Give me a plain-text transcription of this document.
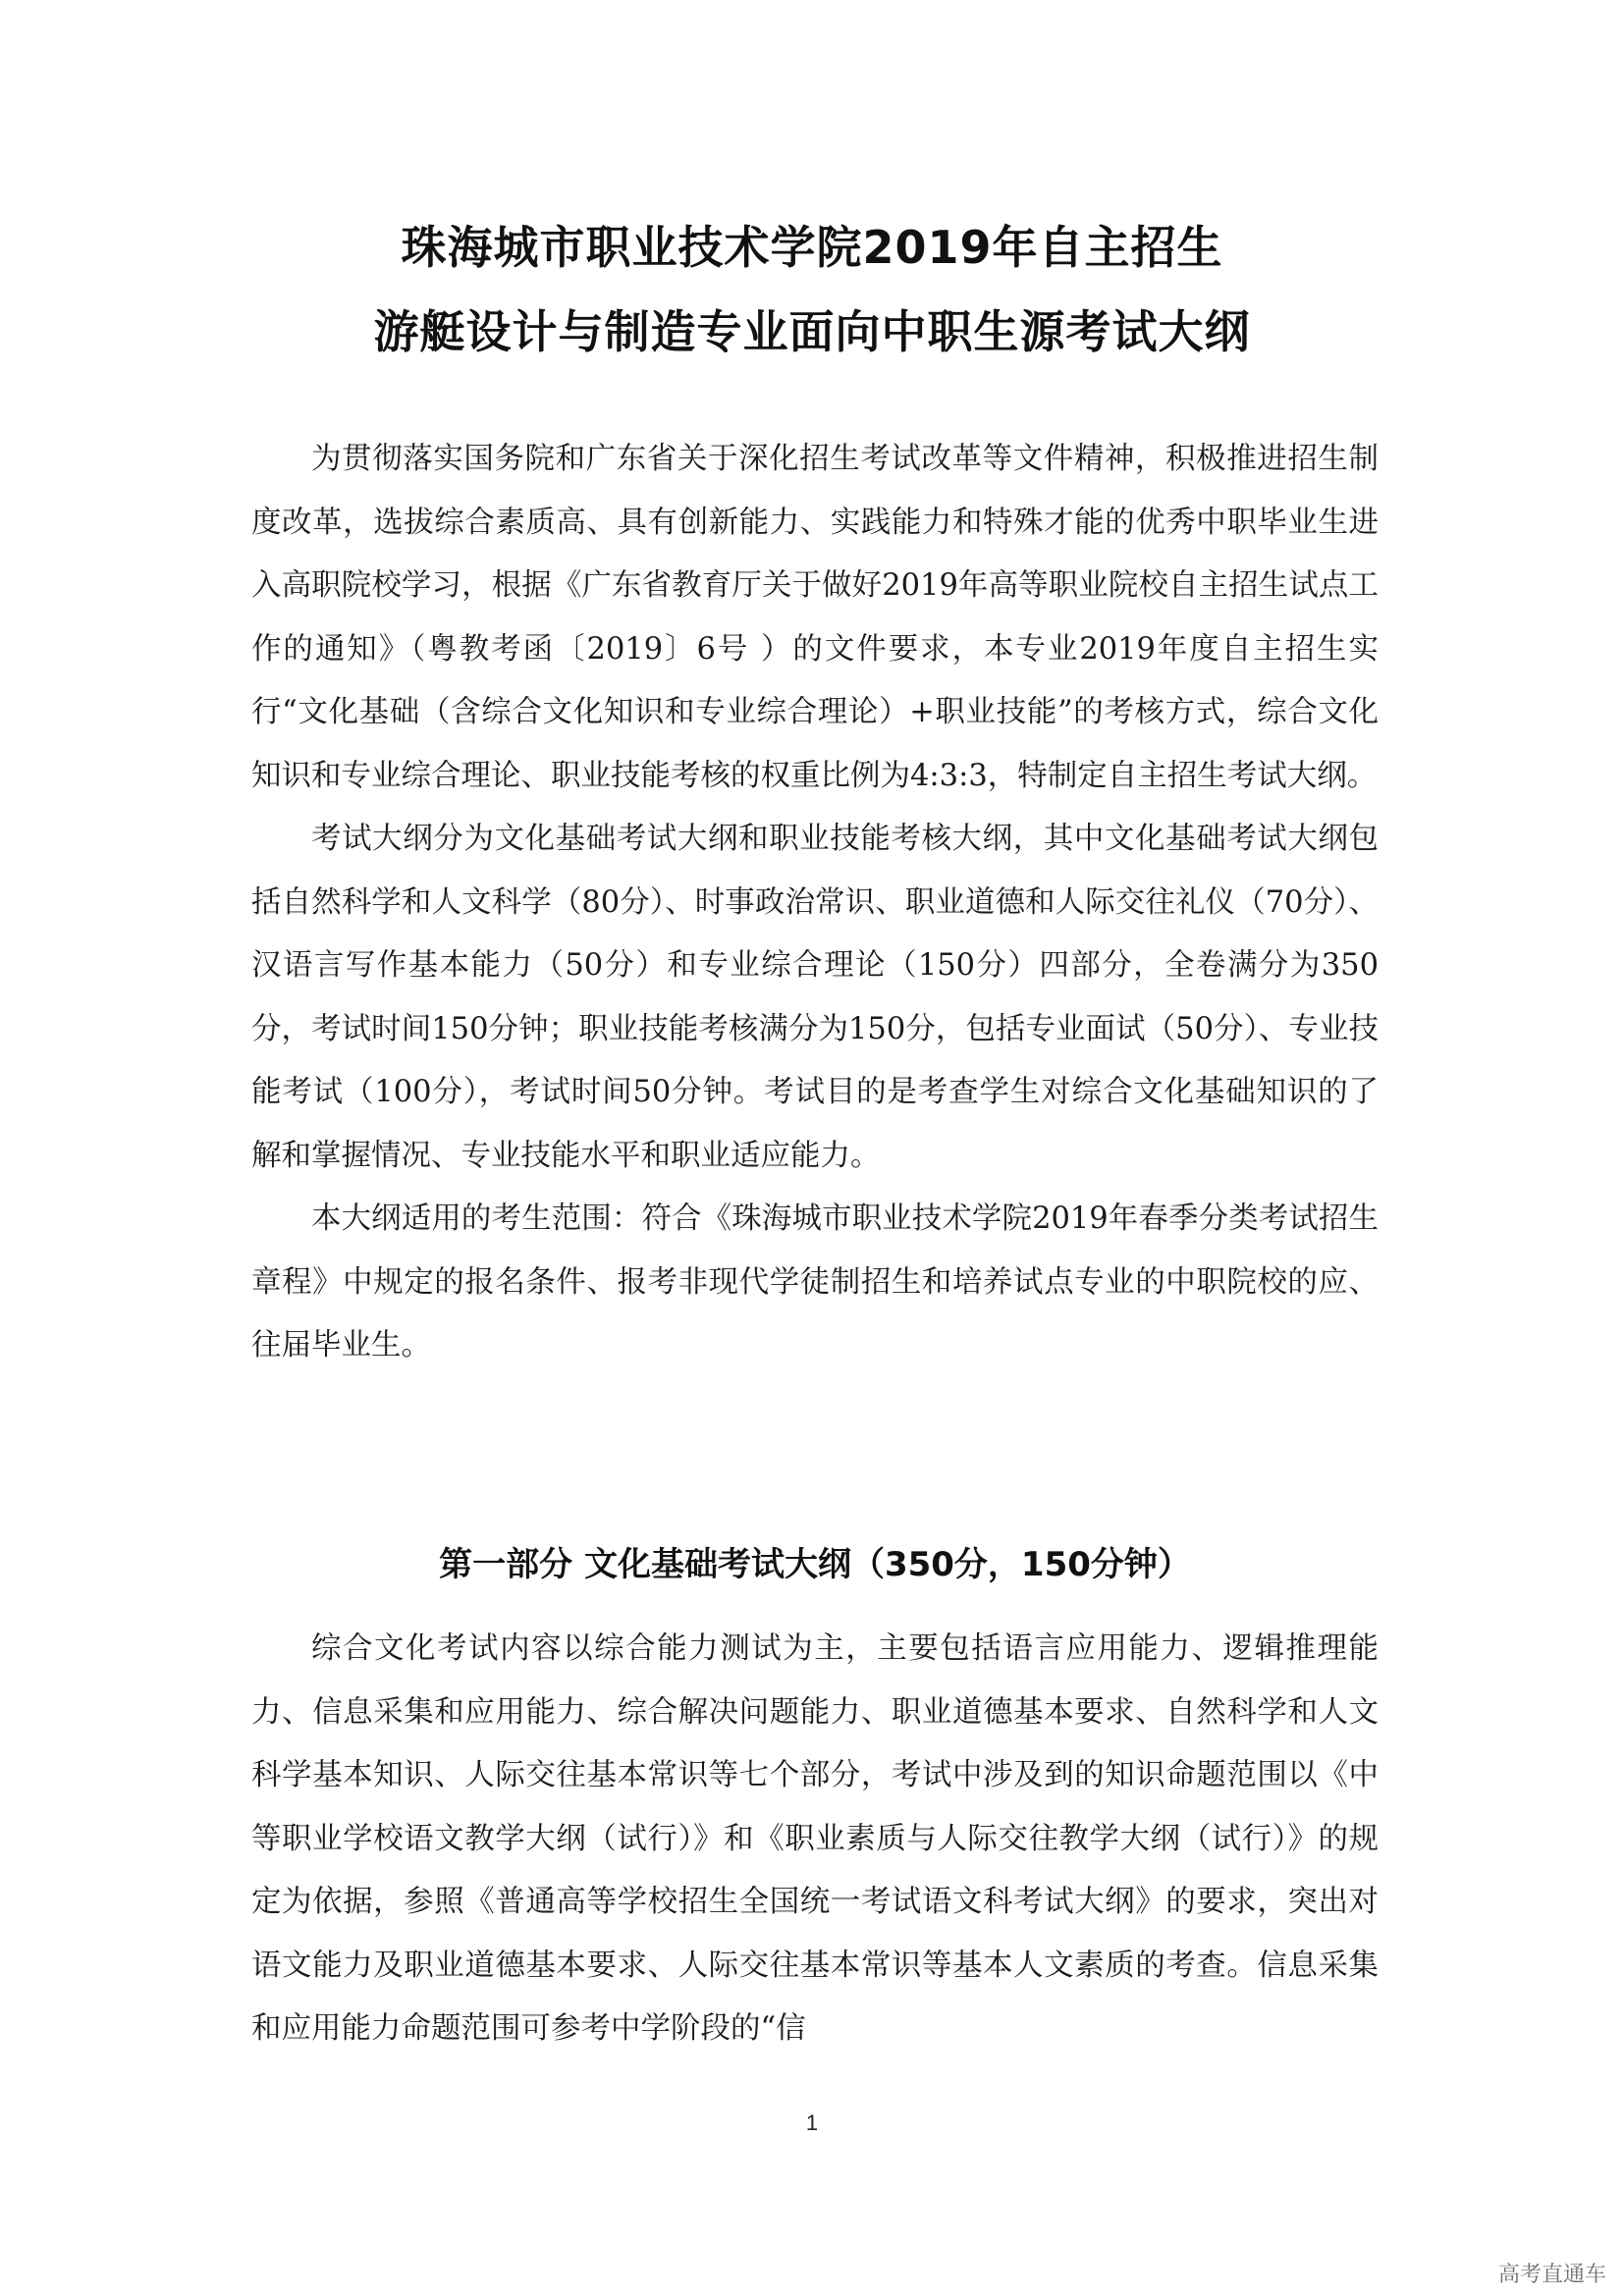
珠海城市职业技术学院2019年自主招生
游艇设计与制造专业面向中职生源考试大纲

为贯彻落实国务院和广东省关于深化招生考试改革等文件精神，积极推进招生制度改革，选拔综合素质高、具有创新能力、实践能力和特殊才能的优秀中职毕业生进入高职院校学习，根据《广东省教育厅关于做好2019年高等职业院校自主招生试点工作的通知》（粤教考函〔2019〕6号 ）的文件要求，本专业2019年度自主招生实行“文化基础（含综合文化知识和专业综合理论）+职业技能”的考核方式，综合文化知识和专业综合理论、职业技能考核的权重比例为4:3:3，特制定自主招生考试大纲。

考试大纲分为文化基础考试大纲和职业技能考核大纲，其中文化基础考试大纲包括自然科学和人文科学（80分）、时事政治常识、职业道德和人际交往礼仪（70分）、汉语言写作基本能力（50分）和专业综合理论（150分）四部分，全卷满分为350分，考试时间150分钟；职业技能考核满分为150分，包括专业面试（50分）、专业技能考试（100分），考试时间50分钟。考试目的是考查学生对综合文化基础知识的了解和掌握情况、专业技能水平和职业适应能力。

本大纲适用的考生范围：符合《珠海城市职业技术学院2019年春季分类考试招生章程》中规定的报名条件、报考非现代学徒制招生和培养试点专业的中职院校的应、往届毕业生。

第一部分 文化基础考试大纲（350分，150分钟）

综合文化考试内容以综合能力测试为主，主要包括语言应用能力、逻辑推理能力、信息采集和应用能力、综合解决问题能力、职业道德基本要求、自然科学和人文科学基本知识、人际交往基本常识等七个部分，考试中涉及到的知识命题范围以《中等职业学校语文教学大纲（试行）》和《职业素质与人际交往教学大纲（试行）》的规定为依据，参照《普通高等学校招生全国统一考试语文科考试大纲》的要求，突出对语文能力及职业道德基本要求、人际交往基本常识等基本人文素质的考查。信息采集和应用能力命题范围可参考中学阶段的“信

1
高考直通车
